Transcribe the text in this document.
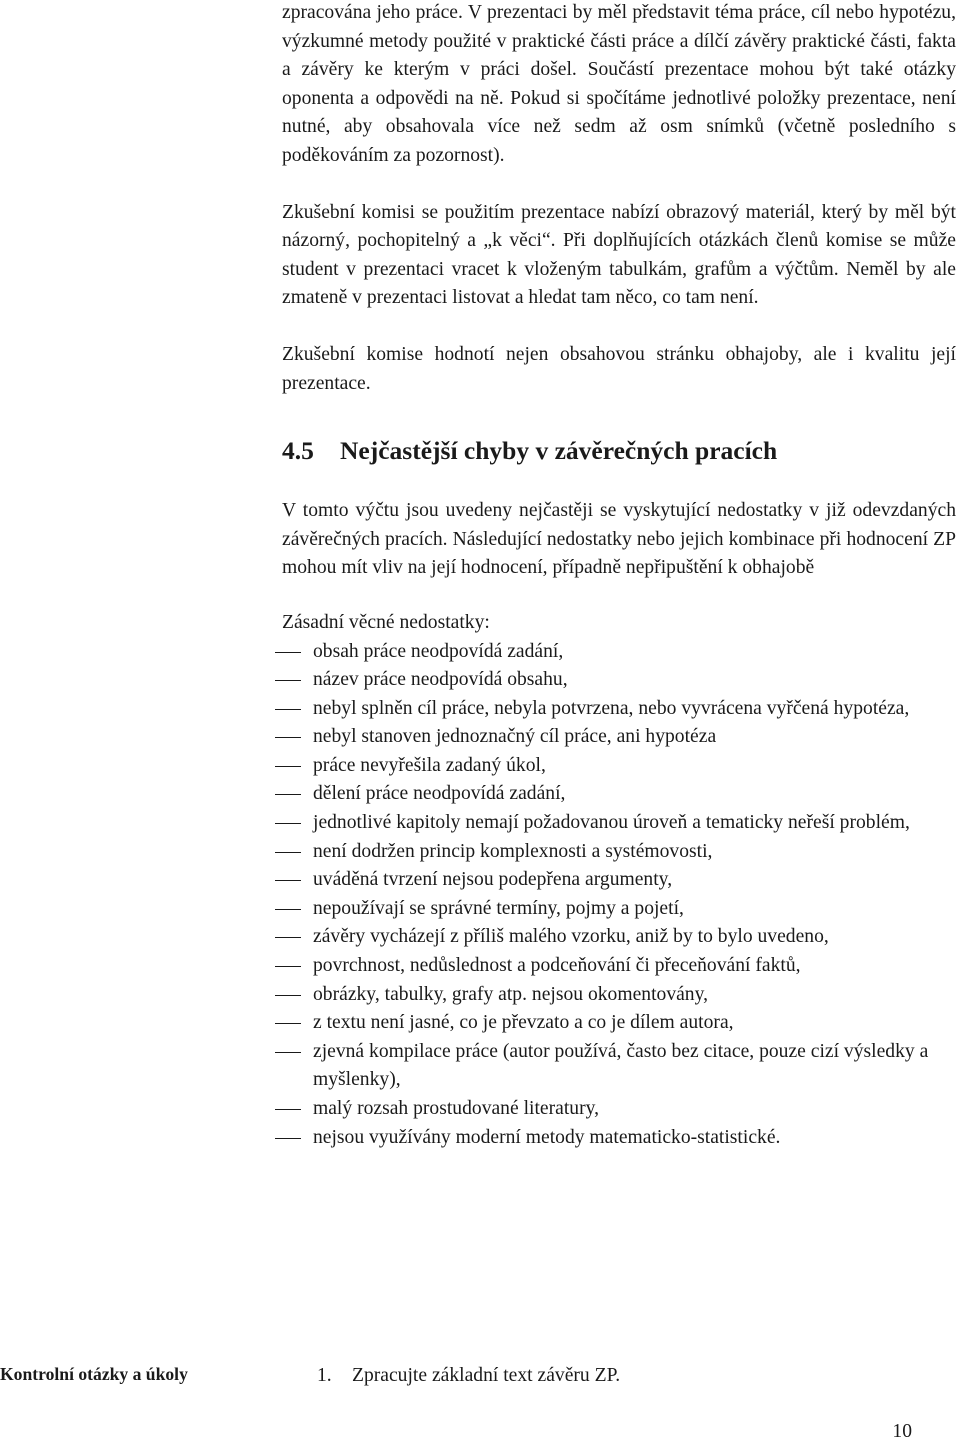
zpracována jeho práce. V prezentaci by měl představit téma práce, cíl nebo hypotézu, výzkumné metody použité v praktické části práce a dílčí závěry praktické části, fakta a závěry ke kterým v práci došel. Součástí prezentace mohou být také otázky oponenta a odpovědi na ně. Pokud si spočítáme jednotlivé položky prezentace, není nutné, aby obsahovala více než sedm až osm snímků (včetně posledního s poděkováním za pozornost).

Zkušební komisi se použitím prezentace nabízí obrazový materiál, který by měl být názorný, pochopitelný a „k věci“. Při doplňujících otázkách členů komise se může student v prezentaci vracet k vloženým tabulkám, grafům a výčtům. Neměl by ale zmateně v prezentaci listovat a hledat tam něco, co tam není.

Zkušební komise hodnotí nejen obsahovou stránku obhajoby, ale i kvalitu její prezentace.

4.5 Nejčastější chyby v závěrečných pracích

V tomto výčtu jsou uvedeny nejčastěji se vyskytující nedostatky v již odevzdaných závěrečných pracích. Následující nedostatky nebo jejich kombinace při hodnocení ZP mohou mít vliv na její hodnocení, případně nepřipuštění k obhajobě

Zásadní věcné nedostatky:

obsah práce neodpovídá zadání,
název práce neodpovídá obsahu,
nebyl splněn cíl práce, nebyla potvrzena, nebo vyvrácena vyřčená hypotéza,
nebyl stanoven jednoznačný cíl práce, ani hypotéza
práce nevyřešila zadaný úkol,
dělení práce neodpovídá zadání,
jednotlivé kapitoly nemají požadovanou úroveň a tematicky neřeší problém,
není dodržen princip komplexnosti a systémovosti,
uváděná tvrzení nejsou podepřena argumenty,
nepoužívají se správné termíny, pojmy a pojetí,
závěry vycházejí z příliš malého vzorku, aniž by to bylo uvedeno,
povrchnost, nedůslednost a podceňování či přeceňování faktů,
obrázky, tabulky, grafy atp. nejsou okomentovány,
z textu není jasné, co je převzato a co je dílem autora,
zjevná kompilace práce (autor používá, často bez citace, pouze cizí výsledky a myšlenky),
malý rozsah prostudované literatury,
nejsou využívány moderní metody matematicko-statistické.
Kontrolní otázky a úkoly	1. Zpracujte základní text závěru ZP.
10
